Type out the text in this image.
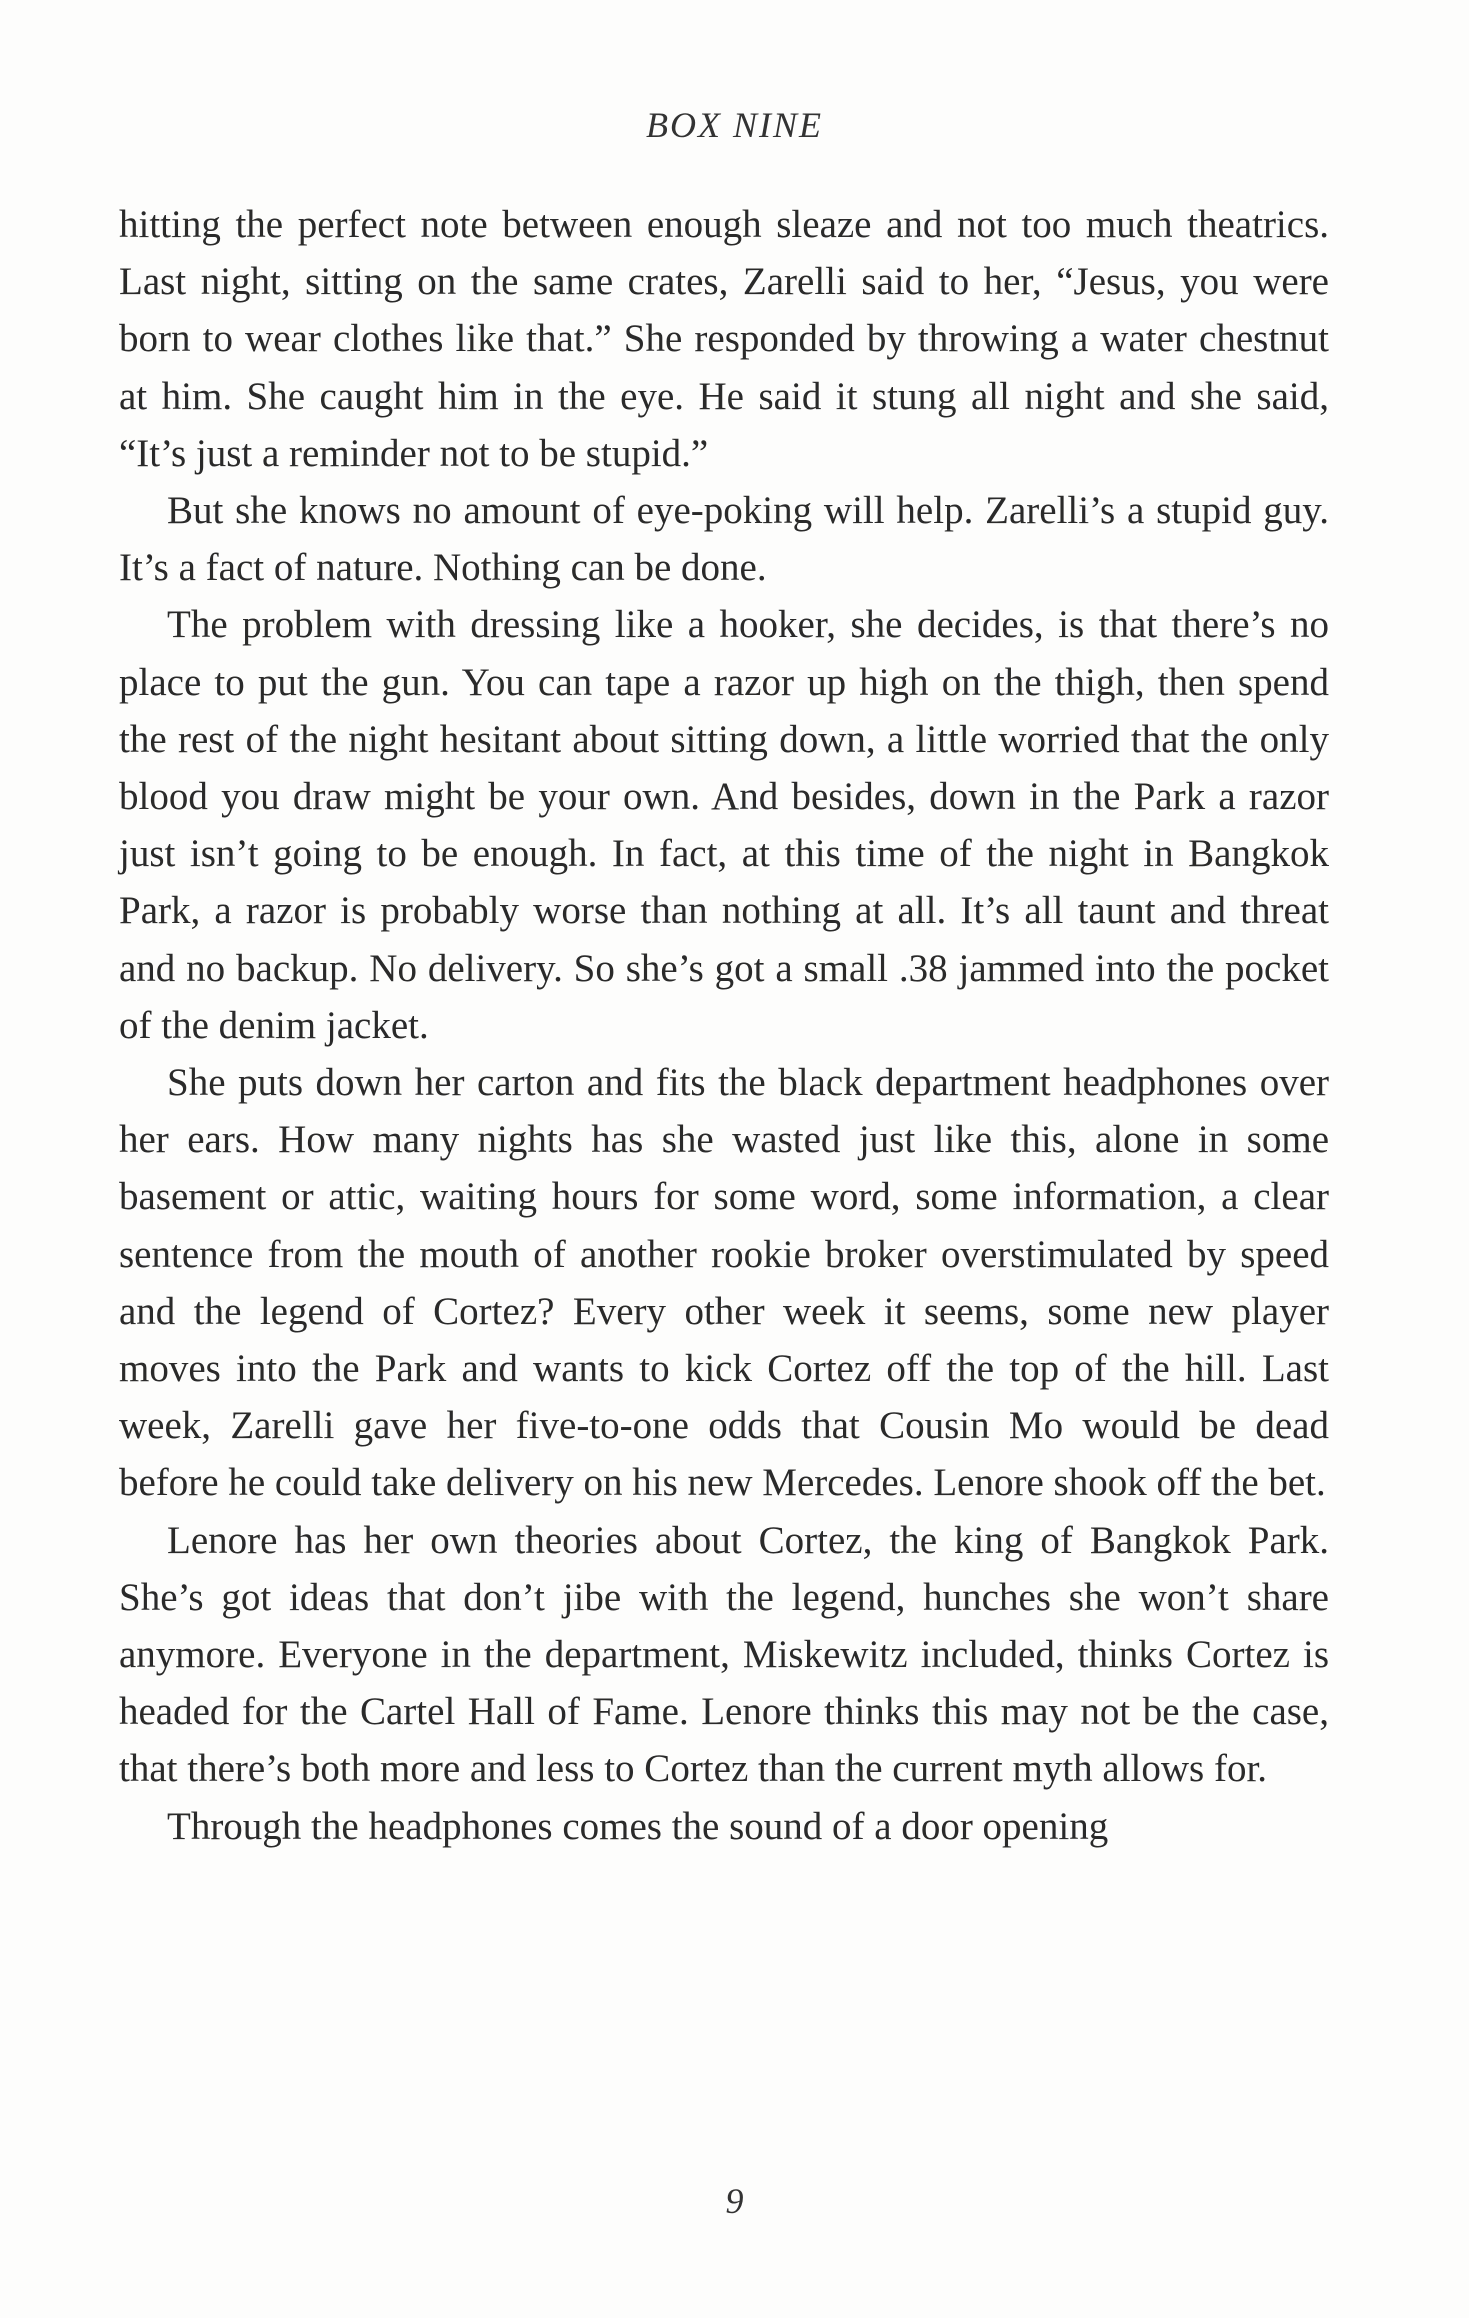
BOX NINE

hitting the perfect note between enough sleaze and not too much theatrics. Last night, sitting on the same crates, Zarelli said to her, “Jesus, you were born to wear clothes like that.” She responded by throwing a water chestnut at him. She caught him in the eye. He said it stung all night and she said, “It’s just a reminder not to be stupid.”

But she knows no amount of eye-poking will help. Zarelli’s a stupid guy. It’s a fact of nature. Nothing can be done.

The problem with dressing like a hooker, she decides, is that there’s no place to put the gun. You can tape a razor up high on the thigh, then spend the rest of the night hesitant about sitting down, a little worried that the only blood you draw might be your own. And besides, down in the Park a razor just isn’t going to be enough. In fact, at this time of the night in Bangkok Park, a razor is probably worse than nothing at all. It’s all taunt and threat and no backup. No delivery. So she’s got a small .38 jammed into the pocket of the denim jacket.

She puts down her carton and fits the black department headphones over her ears. How many nights has she wasted just like this, alone in some basement or attic, waiting hours for some word, some information, a clear sentence from the mouth of another rookie broker overstimulated by speed and the legend of Cortez? Every other week it seems, some new player moves into the Park and wants to kick Cortez off the top of the hill. Last week, Zarelli gave her five-to-one odds that Cousin Mo would be dead before he could take delivery on his new Mercedes. Lenore shook off the bet.

Lenore has her own theories about Cortez, the king of Bangkok Park. She’s got ideas that don’t jibe with the legend, hunches she won’t share anymore. Everyone in the department, Miskewitz included, thinks Cortez is headed for the Cartel Hall of Fame. Lenore thinks this may not be the case, that there’s both more and less to Cortez than the current myth allows for.

Through the headphones comes the sound of a door opening

9
